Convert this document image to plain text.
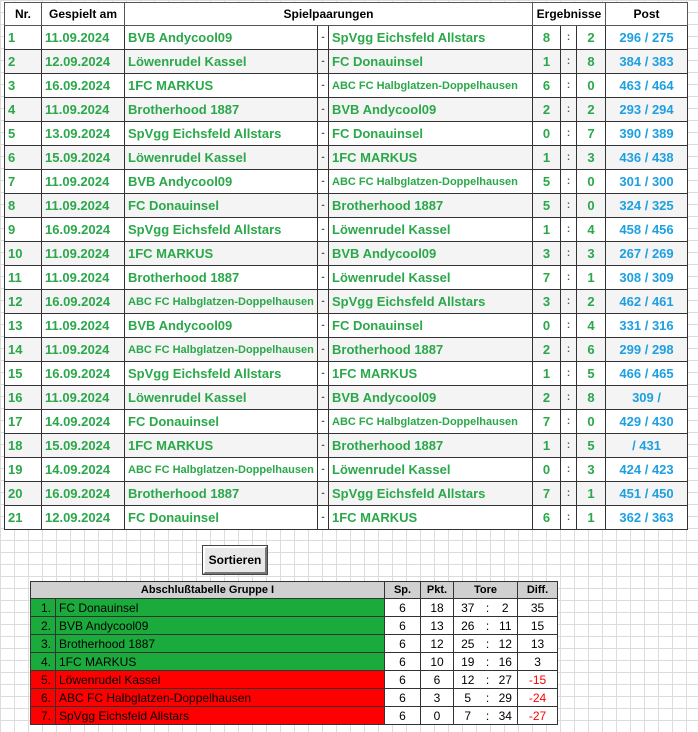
Nr.	Gespielt am	Spielpaarungen			Ergebnisse			Post
1	11.09.2024	BVB Andycool09	-	SpVgg Eichsfeld Allstars	8	:	2	296 / 275
2	12.09.2024	Löwenrudel Kassel	-	FC Donauinsel	1	:	8	384 / 383
3	16.09.2024	1FC MARKUS	-	ABC FC Halbglatzen-Doppelhausen	6	:	0	463 / 464
4	11.09.2024	Brotherhood 1887	-	BVB Andycool09	2	:	2	293 / 294
5	13.09.2024	SpVgg Eichsfeld Allstars	-	FC Donauinsel	0	:	7	390 / 389
6	15.09.2024	Löwenrudel Kassel	-	1FC MARKUS	1	:	3	436 / 438
7	11.09.2024	BVB Andycool09	-	ABC FC Halbglatzen-Doppelhausen	5	:	0	301 / 300
8	11.09.2024	FC Donauinsel	-	Brotherhood 1887	5	:	0	324 / 325
9	16.09.2024	SpVgg Eichsfeld Allstars	-	Löwenrudel Kassel	1	:	4	458 / 456
10	11.09.2024	1FC MARKUS	-	BVB Andycool09	3	:	3	267 / 269
11	11.09.2024	Brotherhood 1887	-	Löwenrudel Kassel	7	:	1	308 / 309
12	16.09.2024	ABC FC Halbglatzen-Doppelhausen	-	SpVgg Eichsfeld Allstars	3	:	2	462 / 461
13	11.09.2024	BVB Andycool09	-	FC Donauinsel	0	:	4	331 / 316
14	11.09.2024	ABC FC Halbglatzen-Doppelhausen	-	Brotherhood 1887	2	:	6	299 / 298
15	16.09.2024	SpVgg Eichsfeld Allstars	-	1FC MARKUS	1	:	5	466 / 465
16	11.09.2024	Löwenrudel Kassel	-	BVB Andycool09	2	:	8	309 /
17	14.09.2024	FC Donauinsel	-	ABC FC Halbglatzen-Doppelhausen	7	:	0	429 / 430
18	15.09.2024	1FC MARKUS	-	Brotherhood 1887	1	:	5	/ 431
19	14.09.2024	ABC FC Halbglatzen-Doppelhausen	-	Löwenrudel Kassel	0	:	3	424 / 423
20	16.09.2024	Brotherhood 1887	-	SpVgg Eichsfeld Allstars	7	:	1	451 / 450
21	12.09.2024	FC Donauinsel	-	1FC MARKUS	6	:	1	362 / 363
Sortieren
Abschlußtabelle Gruppe I		Sp.	Pkt.	Tore			Diff.
1.	FC Donauinsel	6	18	37	:	2	35
2.	BVB Andycool09	6	13	26	:	11	15
3.	Brotherhood 1887	6	12	25	:	12	13
4.	1FC MARKUS	6	10	19	:	16	3
5.	Löwenrudel Kassel	6	6	12	:	27	-15
6.	ABC FC Halbglatzen-Doppelhausen	6	3	5	:	29	-24
7.	SpVgg Eichsfeld Allstars	6	0	7	:	34	-27
